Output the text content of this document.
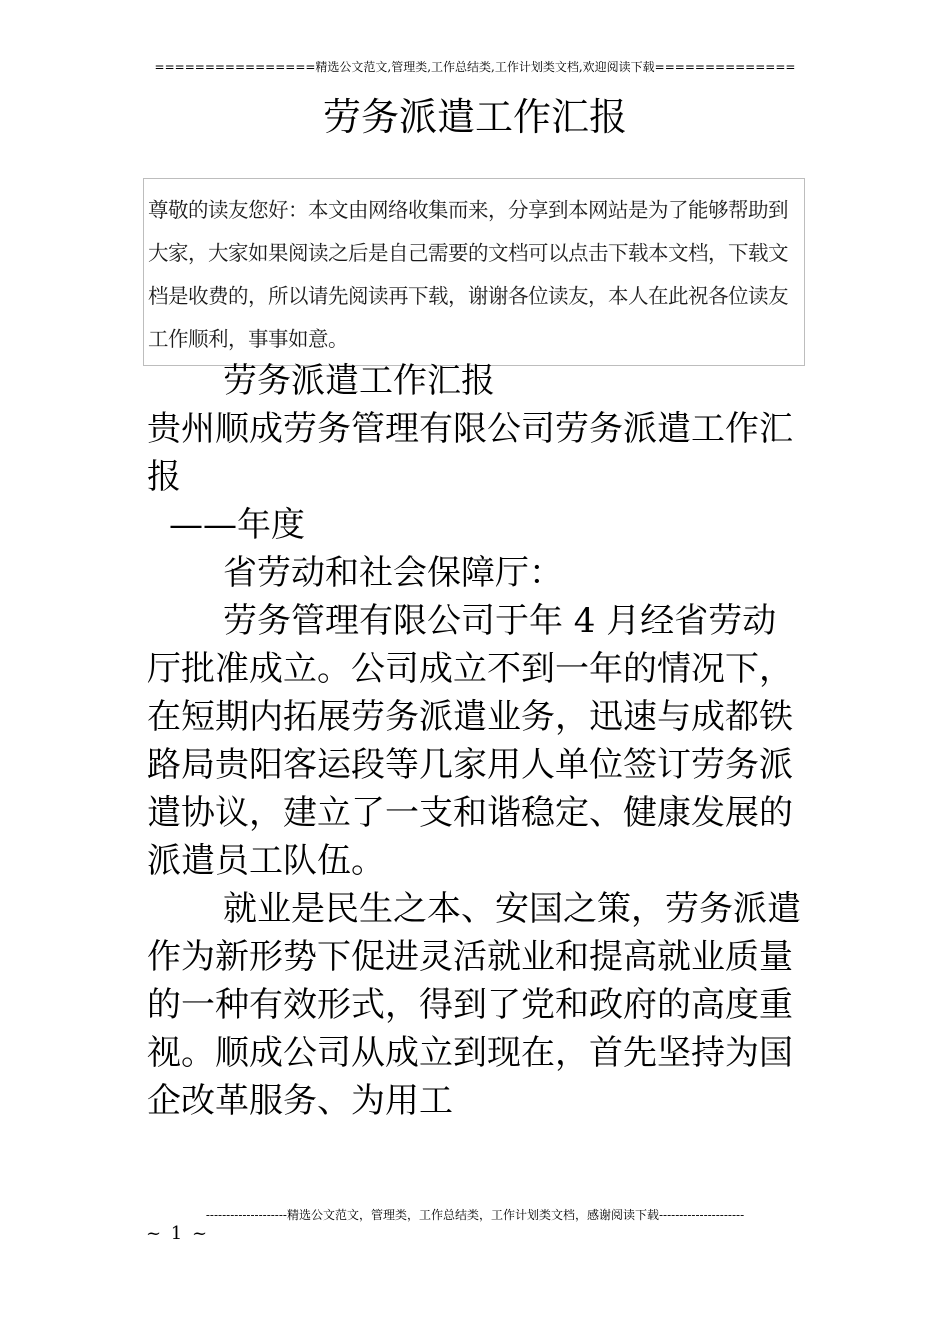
================精选公文范文,管理类,工作总结类,工作计划类文档,欢迎阅读下载==============
劳务派遣工作汇报
尊敬的读友您好：本文由网络收集而来，分享到本网站是为了能够帮助到大家，大家如果阅读之后是自己需要的文档可以点击下载本文档，下载文档是收费的，所以请先阅读再下载，谢谢各位读友，本人在此祝各位读友工作顺利，事事如意。

劳务派遣工作汇报

贵州顺成劳务管理有限公司劳务派遣工作汇报

——年度

省劳动和社会保障厅：

劳务管理有限公司于年 4 月经省劳动厅批准成立。公司成立不到一年的情况下，在短期内拓展劳务派遣业务，迅速与成都铁路局贵阳客运段等几家用人单位签订劳务派遣协议，建立了一支和谐稳定、健康发展的派遣员工队伍。

就业是民生之本、安国之策，劳务派遣作为新形势下促进灵活就业和提高就业质量的一种有效形式，得到了党和政府的高度重视。顺成公司从成立到现在，首先坚持为国企改革服务、为用工

--------------------精选公文范文，管理类，工作总结类，工作计划类文档，感谢阅读下载---------------------
~ 1 ~
